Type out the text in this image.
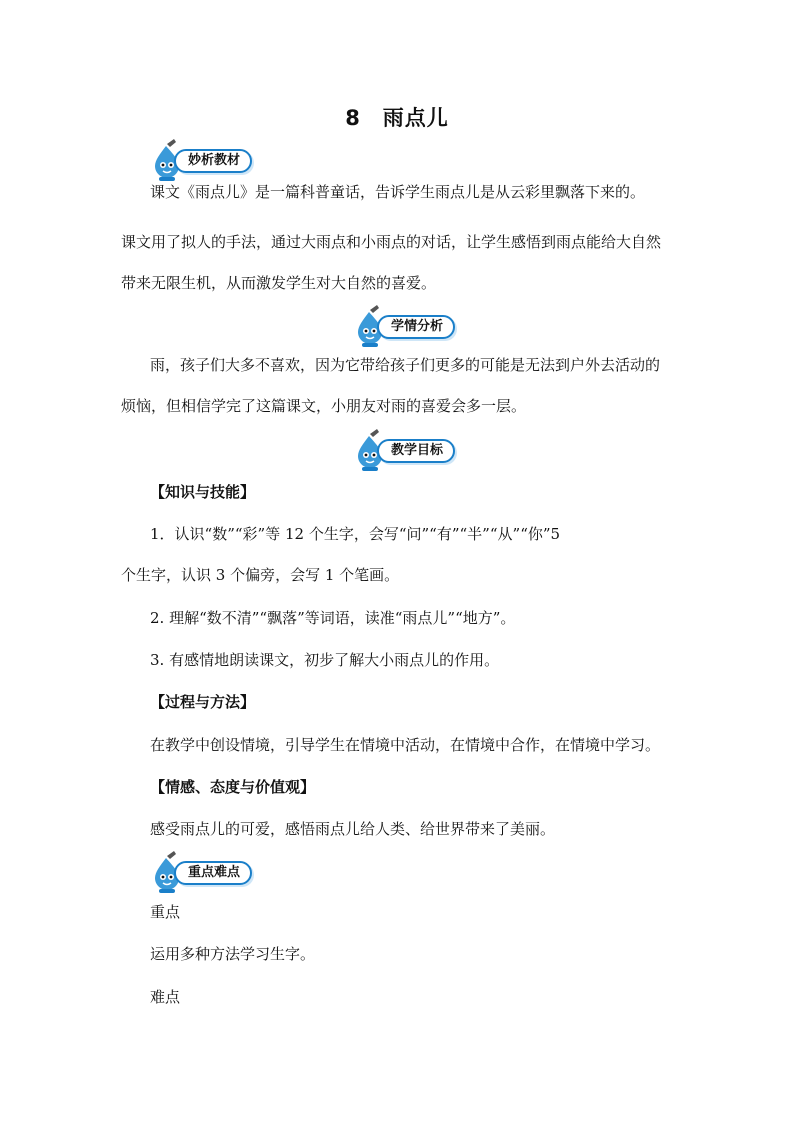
8　雨点儿
妙析教材
课文《雨点儿》是一篇科普童话，告诉学生雨点儿是从云彩里飘落下来的。
课文用了拟人的手法，通过大雨点和小雨点的对话，让学生感悟到雨点能给大自然
带来无限生机，从而激发学生对大自然的喜爱。
学情分析
雨，孩子们大多不喜欢，因为它带给孩子们更多的可能是无法到户外去活动的
烦恼，但相信学完了这篇课文，小朋友对雨的喜爱会多一层。
教学目标
【知识与技能】
1．认识“数”“彩”等 12 个生字，会写“问”“有”“半”“从”“你”5
个生字，认识 3 个偏旁，会写 1 个笔画。
2. 理解“数不清”“飘落”等词语，读准“雨点儿”“地方”。
3. 有感情地朗读课文，初步了解大小雨点儿的作用。
【过程与方法】
在教学中创设情境，引导学生在情境中活动，在情境中合作，在情境中学习。
【情感、态度与价值观】
感受雨点儿的可爱，感悟雨点儿给人类、给世界带来了美丽。
重点难点
重点
运用多种方法学习生字。
难点
